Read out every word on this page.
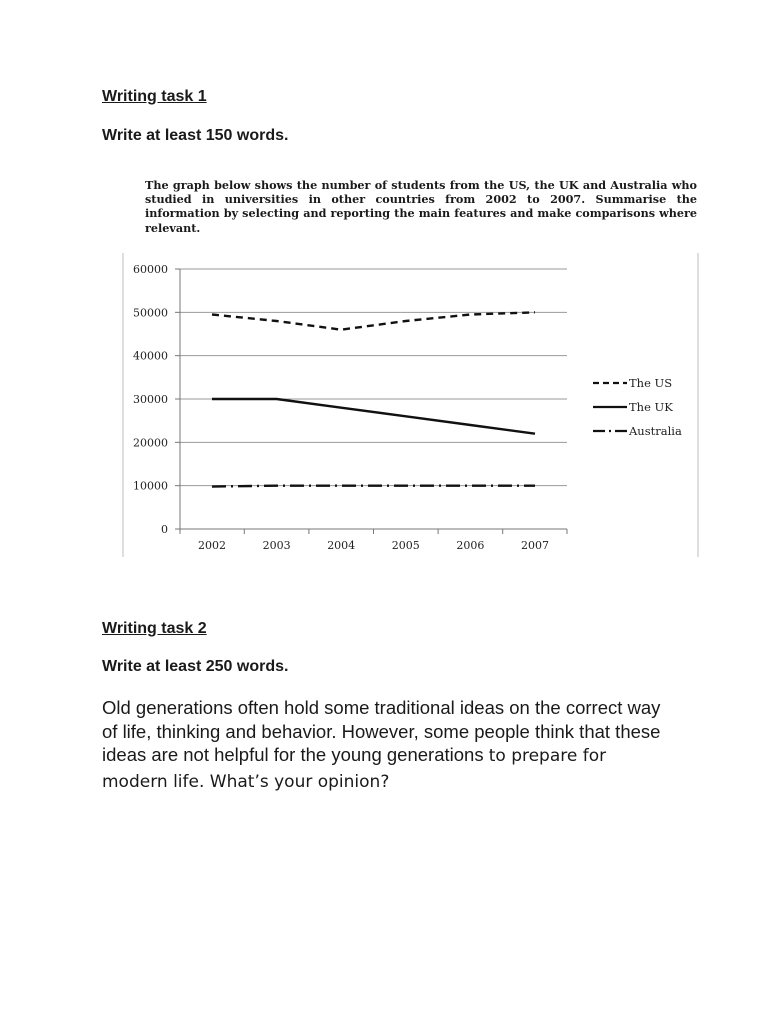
Writing task 1

Write at least 150 words.

The graph below shows the number of students from the US, the UK and Australia who studied in universities in other countries from 2002 to 2007. Summarise the information by selecting and reporting the main features and make comparisons where relevant.

0
10000
20000
30000
40000
50000
60000
2002	2003	2004	2005	2006	2007
The US
The UK
Australia
Writing task 2

Write at least 250 words.

Old generations often hold some traditional ideas on the correct way of life, thinking and behavior. However, some people think that these ideas are not helpful for the young generations to prepare for modern life. What’s your opinion?
